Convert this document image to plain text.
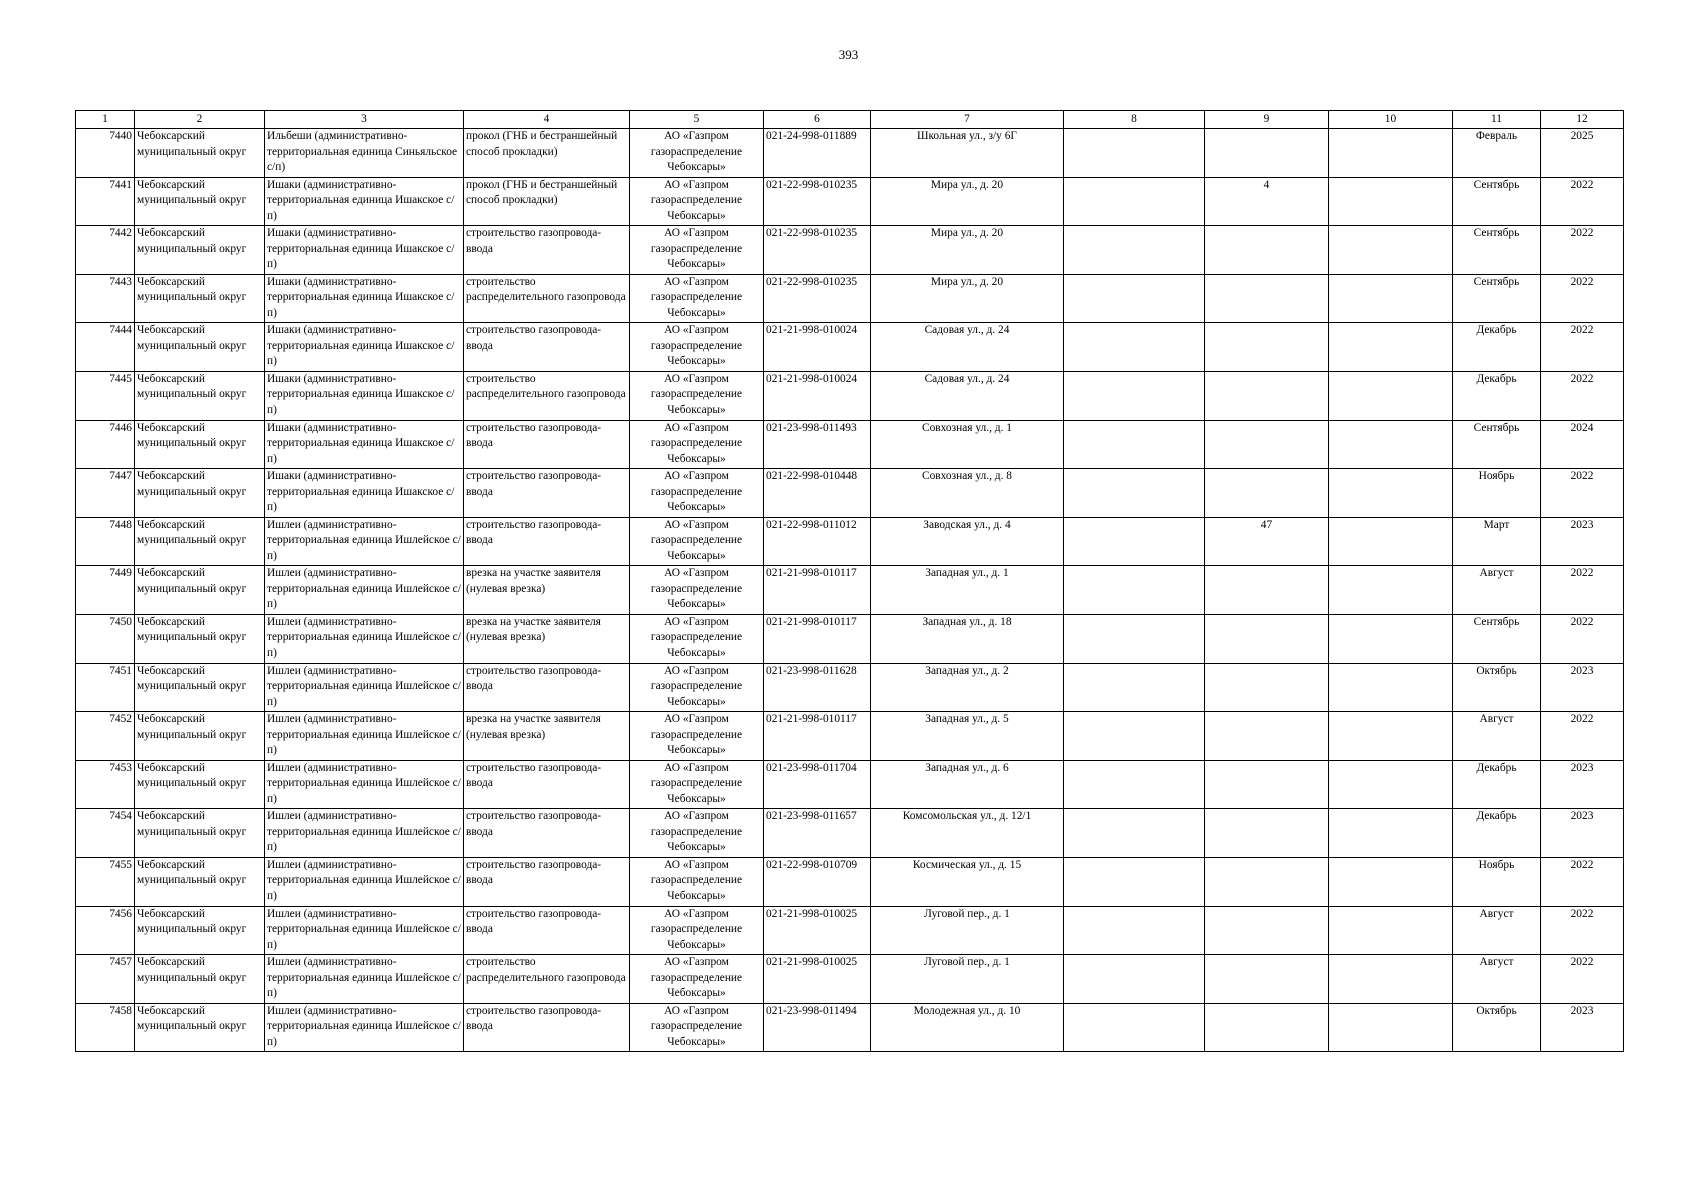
393
1	2	3	4	5	6	7	8	9	10	11	12
7440	Чебоксарский муниципальный округ	Ильбеши (административно-территориальная единица Синьяльское с/п)	прокол (ГНБ и бестраншейный способ прокладки)	АО «Газпром газораспределение Чебоксары»	021-24-998-011889	Школьная ул., з/у 6Г				Февраль	2025
7441	Чебоксарский муниципальный округ	Ишаки (административно-территориальная единица Ишакское с/п)	прокол (ГНБ и бестраншейный способ прокладки)	АО «Газпром газораспределение Чебоксары»	021-22-998-010235	Мира ул., д. 20		4		Сентябрь	2022
7442	Чебоксарский муниципальный округ	Ишаки (административно-территориальная единица Ишакское с/п)	строительство газопровода-ввода	АО «Газпром газораспределение Чебоксары»	021-22-998-010235	Мира ул., д. 20				Сентябрь	2022
7443	Чебоксарский муниципальный округ	Ишаки (административно-территориальная единица Ишакское с/п)	строительство распределительного газопровода	АО «Газпром газораспределение Чебоксары»	021-22-998-010235	Мира ул., д. 20				Сентябрь	2022
7444	Чебоксарский муниципальный округ	Ишаки (административно-территориальная единица Ишакское с/п)	строительство газопровода-ввода	АО «Газпром газораспределение Чебоксары»	021-21-998-010024	Садовая ул., д. 24				Декабрь	2022
7445	Чебоксарский муниципальный округ	Ишаки (административно-территориальная единица Ишакское с/п)	строительство распределительного газопровода	АО «Газпром газораспределение Чебоксары»	021-21-998-010024	Садовая ул., д. 24				Декабрь	2022
7446	Чебоксарский муниципальный округ	Ишаки (административно-территориальная единица Ишакское с/п)	строительство газопровода-ввода	АО «Газпром газораспределение Чебоксары»	021-23-998-011493	Совхозная ул., д. 1				Сентябрь	2024
7447	Чебоксарский муниципальный округ	Ишаки (административно-территориальная единица Ишакское с/п)	строительство газопровода-ввода	АО «Газпром газораспределение Чебоксары»	021-22-998-010448	Совхозная ул., д. 8				Ноябрь	2022
7448	Чебоксарский муниципальный округ	Ишлеи (административно-территориальная единица Ишлейское с/п)	строительство газопровода-ввода	АО «Газпром газораспределение Чебоксары»	021-22-998-011012	Заводская ул., д. 4		47		Март	2023
7449	Чебоксарский муниципальный округ	Ишлеи (административно-территориальная единица Ишлейское с/п)	врезка на участке заявителя (нулевая врезка)	АО «Газпром газораспределение Чебоксары»	021-21-998-010117	Западная ул., д. 1				Август	2022
7450	Чебоксарский муниципальный округ	Ишлеи (административно-территориальная единица Ишлейское с/п)	врезка на участке заявителя (нулевая врезка)	АО «Газпром газораспределение Чебоксары»	021-21-998-010117	Западная ул., д. 18				Сентябрь	2022
7451	Чебоксарский муниципальный округ	Ишлеи (административно-территориальная единица Ишлейское с/п)	строительство газопровода-ввода	АО «Газпром газораспределение Чебоксары»	021-23-998-011628	Западная ул., д. 2				Октябрь	2023
7452	Чебоксарский муниципальный округ	Ишлеи (административно-территориальная единица Ишлейское с/п)	врезка на участке заявителя (нулевая врезка)	АО «Газпром газораспределение Чебоксары»	021-21-998-010117	Западная ул., д. 5				Август	2022
7453	Чебоксарский муниципальный округ	Ишлеи (административно-территориальная единица Ишлейское с/п)	строительство газопровода-ввода	АО «Газпром газораспределение Чебоксары»	021-23-998-011704	Западная ул., д. 6				Декабрь	2023
7454	Чебоксарский муниципальный округ	Ишлеи (административно-территориальная единица Ишлейское с/п)	строительство газопровода-ввода	АО «Газпром газораспределение Чебоксары»	021-23-998-011657	Комсомольская ул., д. 12/1				Декабрь	2023
7455	Чебоксарский муниципальный округ	Ишлеи (административно-территориальная единица Ишлейское с/п)	строительство газопровода-ввода	АО «Газпром газораспределение Чебоксары»	021-22-998-010709	Космическая ул., д. 15				Ноябрь	2022
7456	Чебоксарский муниципальный округ	Ишлеи (административно-территориальная единица Ишлейское с/п)	строительство газопровода-ввода	АО «Газпром газораспределение Чебоксары»	021-21-998-010025	Луговой пер., д. 1				Август	2022
7457	Чебоксарский муниципальный округ	Ишлеи (административно-территориальная единица Ишлейское с/п)	строительство распределительного газопровода	АО «Газпром газораспределение Чебоксары»	021-21-998-010025	Луговой пер., д. 1				Август	2022
7458	Чебоксарский муниципальный округ	Ишлеи (административно-территориальная единица Ишлейское с/п)	строительство газопровода-ввода	АО «Газпром газораспределение Чебоксары»	021-23-998-011494	Молодежная ул., д. 10				Октябрь	2023
